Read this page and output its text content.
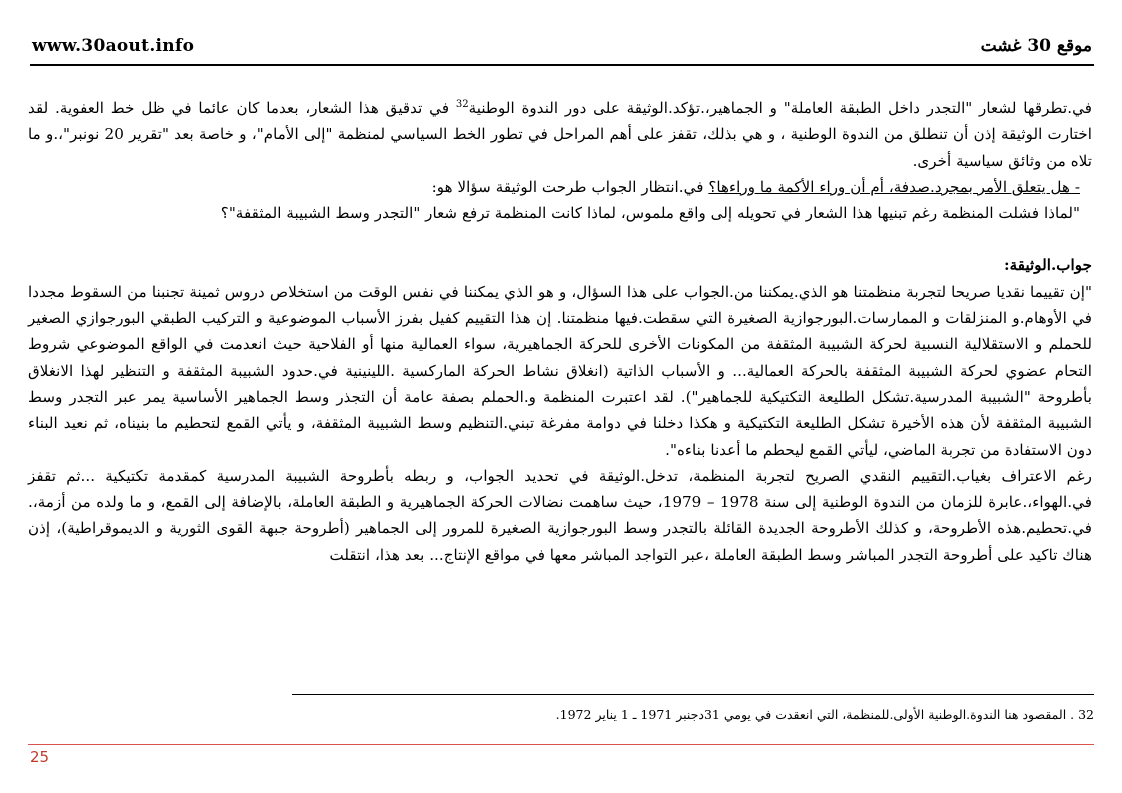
www.30aout.info	موقع 30 غشت

في.تطرقها لشعار "التجدر داخل الطبقة العاملة" و الجماهير،.تؤكد.الوثيقة على دور الندوة الوطنية$^{32}$ في تدقيق هذا الشعار، بعدما كان عائما في ظل خط العفوية. لقد اختارت الوثيقة إذن أن تنطلق من الندوة الوطنية ، و هي بذلك، تقفز على أهم المراحل في تطور الخط السياسي لمنظمة "إلى الأمام"، و خاصة بعد "تقرير 20 نونبر"،.و ما تلاه من وثائق سياسية أخرى.

- هل يتعلق الأمر بمجرد.صدفة، أم أن وراء الأكمة ما وراءها؟ في.انتظار الجواب طرحت الوثيقة سؤالا هو:

"لماذا فشلت المنظمة رغم تبنيها هذا الشعار في تحويله إلى واقع ملموس، لماذا كانت المنظمة ترفع شعار "التجدر وسط الشبيبة المثقفة"؟

جواب.الوثيقة:

"إن تقييما نقديا صريحا لتجربة منظمتنا هو الذي.يمكننا من.الجواب على هذا السؤال، و هو الذي يمكننا في نفس الوقت من استخلاص دروس ثمينة تجنبنا من السقوط مجددا في الأوهام.و المنزلقات و الممارسات.البورجوازية الصغيرة التي سقطت.فيها منظمتنا. إن هذا التقييم كفيل بفرز الأسباب الموضوعية و التركيب الطبقي البورجوازي الصغير للحملم و الاستقلالية النسبية لحركة الشبيبة المثقفة من المكونات الأخرى للحركة الجماهيرية، سواء العمالية منها أو الفلاحية حيث انعدمت في الواقع الموضوعي شروط التحام عضوي لحركة الشبيبة المثقفة بالحركة العمالية... و الأسباب الذاتية (انغلاق نشاط الحركة الماركسية .اللينينية في.حدود الشبيبة المثقفة و التنظير لهذا الانغلاق بأطروحة "الشبيبة المدرسية.تشكل الطليعة التكتيكية للجماهير"). لقد اعتبرت المنظمة و.الحملم بصفة عامة أن التجذر وسط الجماهير الأساسية يمر عبر التجدر وسط الشبيبة المثقفة لأن هذه الأخيرة تشكل الطليعة التكتيكية و هكذا دخلنا في دوامة مفرغة تبني.التنظيم وسط الشبيبة المثقفة، و يأتي القمع لتحطيم ما بنيناه، ثم نعيد البناء دون الاستفادة من تجربة الماضي، ليأتي القمع ليحطم ما أعدنا بناءه".

رغم الاعتراف بغياب.التقييم النقدي الصريح لتجربة المنظمة، تدخل.الوثيقة في تحديد الجواب، و ربطه بأطروحة الشبيبة المدرسية كمقدمة تكتيكية ...ثم تقفز في.الهواء،.عابرة للزمان من الندوة الوطنية إلى سنة 1978 – 1979، حيث ساهمت نضالات الحركة الجماهيرية و الطبقة العاملة، بالإضافة إلى القمع، و ما ولده من أزمة،. في.تحطيم.هذه الأطروحة، و كذلك الأطروحة الجديدة القائلة بالتجدر وسط البورجوازية الصغيرة للمرور إلى الجماهير (أطروحة جبهة القوى الثورية و الديموقراطية)، إذن هناك تاكيد على أطروحة التجدر المباشر وسط الطبقة العاملة ،عبر التواجد المباشر معها في مواقع الإنتاج... بعد هذا، انتقلت

32 . المقصود هنا الندوة.الوطنية الأولى.للمنظمة، التي انعقدت في يومي 31دجنبر 1971 ـ 1 يناير 1972.
25
